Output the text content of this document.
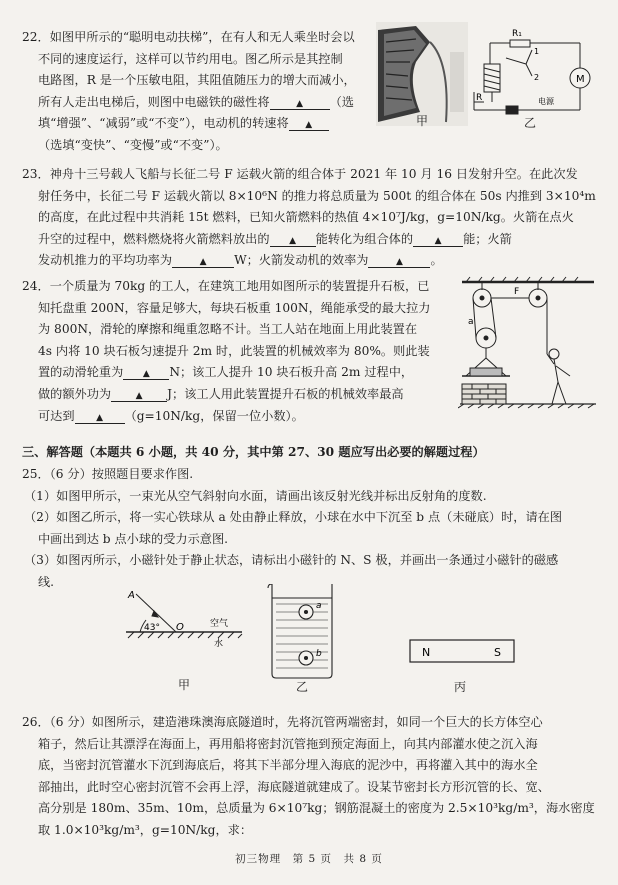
22．如图甲所示的“聪明电动扶梯”，在有人和无人乘坐时会以

不同的速度运行，这样可以节约用电。图乙所示是其控制

电路图，R 是一个压敏电阻，其阻值随压力的增大而减小，

所有人走出电梯后，则图中电磁铁的磁性将	▲ （选

填“增强”、“减弱”或“不变”），电动机的转速将 ▲

（选填“变快”、“变慢”或“不变”）。

甲
R₁
1
2	M
R	电源
乙

23．神舟十三号载人飞船与长征二号 F 运载火箭的组合体于 2021 年 10 月 16 日发射升空。在此次发

射任务中，长征二号 F 运载火箭以 8×10⁶N 的推力将总质量为 500t 的组合体在 50s 内推到 3×10⁴m

的高度，在此过程中共消耗 15t 燃料，已知火箭燃料的热值 4×10⁷J/kg，g=10N/kg。火箭在点火

升空的过程中，燃料燃烧将火箭燃料放出的 ▲ 能转化为组合体的 ▲ 能；火箭

发动机推力的平均功率为	▲ W；火箭发动机的效率为	▲ 。

24．一个质量为 70kg 的工人，在建筑工地用如图所示的装置提升石板，已

知托盘重 200N，容量足够大，每块石板重 100N，绳能承受的最大拉力

为 800N，滑轮的摩擦和绳重忽略不计。当工人站在地面上用此装置在

4s 内将 10 块石板匀速提升 2m 时，此装置的机械效率为 80%。则此装

置的动滑轮重为 ▲ N；该工人提升 10 块石板升高 2m 过程中，

做的额外功为	▲ J；该工人用此装置提升石板的机械效率最高

可达到 ▲ （g=10N/kg，保留一位小数）。

F
a

三、解答题（本题共 6 小题，共 40 分，其中第 27、30 题应写出必要的解题过程）

25．（6 分）按照题目要求作图.

（1）如图甲所示，一束光从空气斜射向水面，请画出该反射光线并标出反射角的度数.

（2）如图乙所示，将一实心铁球从 a 处由静止释放，小球在水中下沉至 b 点（未碰底）时，请在图

中画出到达 b 点小球的受力示意图.

（3）如图丙所示，小磁针处于静止状态，请标出小磁针的 N、S 极，并画出一条通过小磁针的磁感

线.

A
43° O	空气
水
甲
a
b
乙
N	S
丙

26．（6 分）如图所示，建造港珠澳海底隧道时，先将沉管两端密封，如同一个巨大的长方体空心

箱子，然后让其漂浮在海面上，再用船将密封沉管拖到预定海面上，向其内部灌水使之沉入海

底，当密封沉管灌水下沉到海底后，将其下半部分埋入海底的泥沙中，再将灌入其中的海水全

部抽出，此时空心密封沉管不会再上浮，海底隧道就建成了。设某节密封长方形沉管的长、宽、

高分别是 180m、35m、10m，总质量为 6×10⁷kg；钢筋混凝土的密度为 2.5×10³kg/m³，海水密度

取 1.0×10³kg/m³，g=10N/kg，求：

初三物理　第 5 页　共 8 页
